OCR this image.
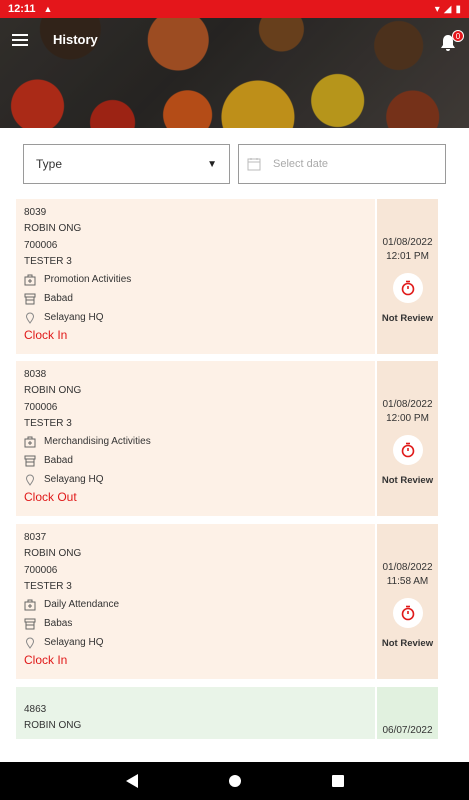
12:11 ▲	▾ ◢ ▮
History	0
Type	▼	Select date
8039
ROBIN ONG
700006
TESTER 3
Promotion Activities
Babad
Selayang HQ
Clock In
01/08/2022
12:01 PM
Not Review
8038
ROBIN ONG
700006
TESTER 3
Merchandising Activities
Babad
Selayang HQ
Clock Out
01/08/2022
12:00 PM
Not Review
8037
ROBIN ONG
700006
TESTER 3
Daily Attendance
Babas
Selayang HQ
Clock In
01/08/2022
11:58 AM
Not Review
4863
ROBIN ONG	06/07/2022
